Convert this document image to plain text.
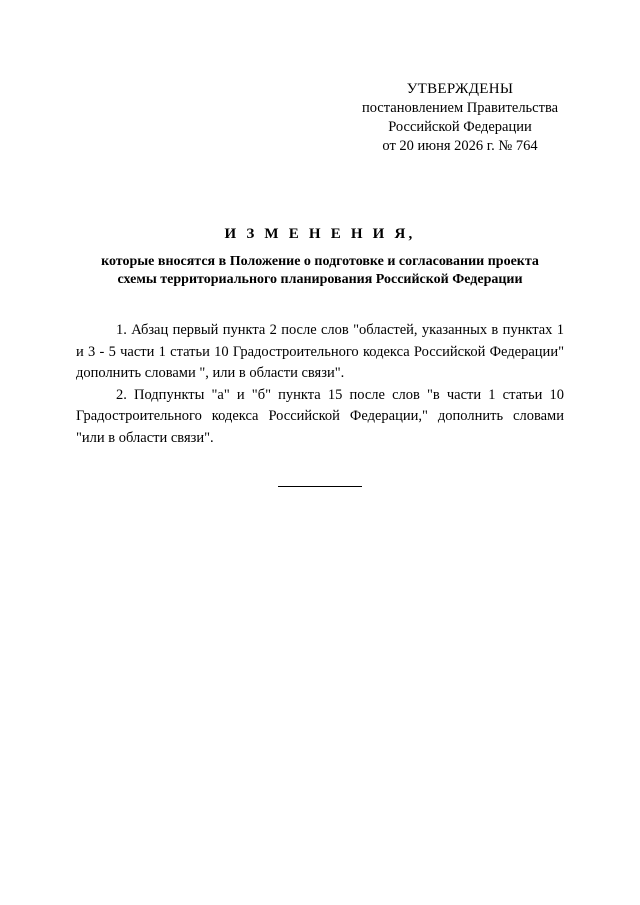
УТВЕРЖДЕНЫ
постановлением Правительства
Российской Федерации
от 20 июня 2026 г. № 764
И З М Е Н Е Н И Я,
которые вносятся в Положение о подготовке и согласовании проекта
схемы территориального планирования Российской Федерации

1. Абзац первый пункта 2 после слов "областей, указанных в пунктах 1 и 3 - 5 части 1 статьи 10 Градостроительного кодекса Российской Федерации" дополнить словами ", или в области связи".

2. Подпункты "а" и "б" пункта 15 после слов "в части 1 статьи 10 Градостроительного кодекса Российской Федерации," дополнить словами "или в области связи".
